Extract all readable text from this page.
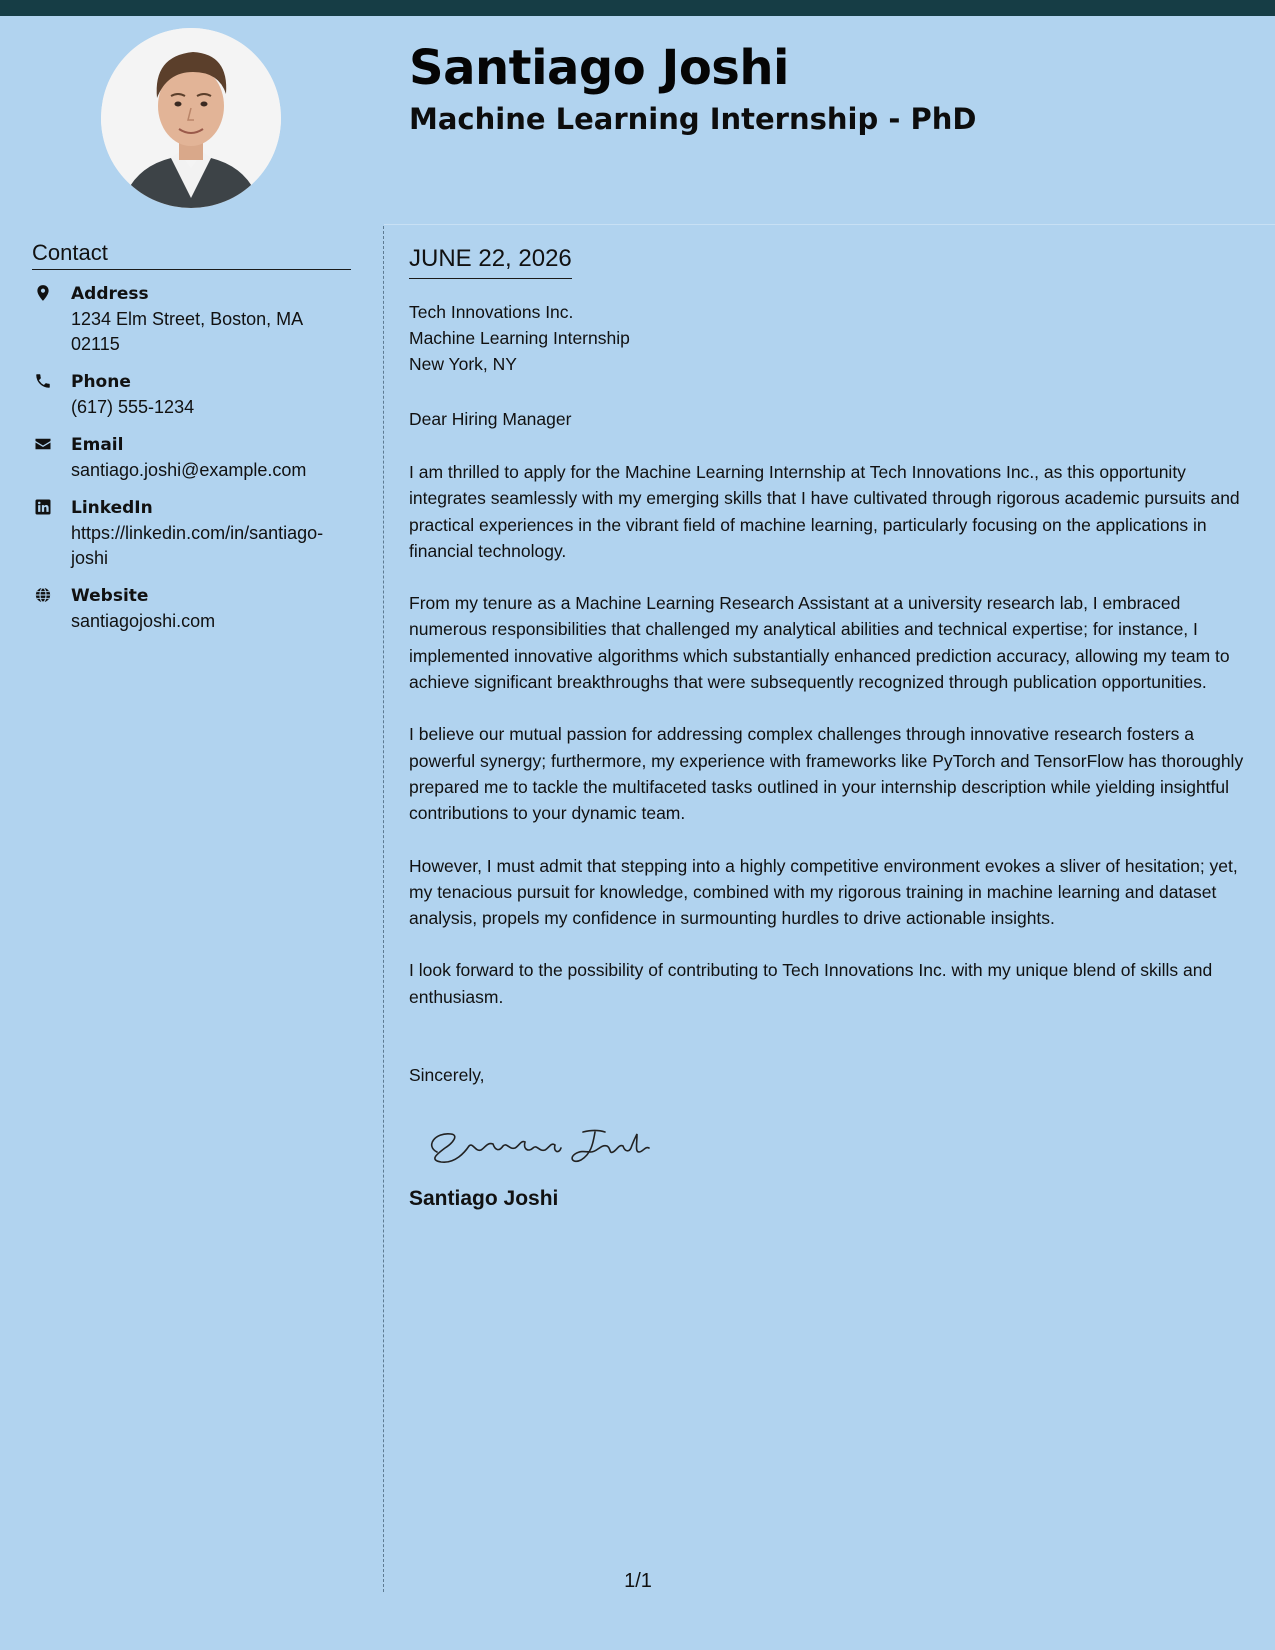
Santiago Joshi
Machine Learning Internship - PhD
Contact
Address
1234 Elm Street, Boston, MA 02115
Phone
(617) 555-1234
Email
santiago.joshi@example.com
LinkedIn
https://linkedin.com/in/santiago-joshi
Website
santiagojoshi.com
JUNE 22, 2026
Tech Innovations Inc.
Machine Learning Internship
New York, NY
Dear Hiring Manager

I am thrilled to apply for the Machine Learning Internship at Tech Innovations Inc., as this opportunity integrates seamlessly with my emerging skills that I have cultivated through rigorous academic pursuits and practical experiences in the vibrant field of machine learning, particularly focusing on the applications in financial technology.

From my tenure as a Machine Learning Research Assistant at a university research lab, I embraced numerous responsibilities that challenged my analytical abilities and technical expertise; for instance, I implemented innovative algorithms which substantially enhanced prediction accuracy, allowing my team to achieve significant breakthroughs that were subsequently recognized through publication opportunities.

I believe our mutual passion for addressing complex challenges through innovative research fosters a powerful synergy; furthermore, my experience with frameworks like PyTorch and TensorFlow has thoroughly prepared me to tackle the multifaceted tasks outlined in your internship description while yielding insightful contributions to your dynamic team.

However, I must admit that stepping into a highly competitive environment evokes a sliver of hesitation; yet, my tenacious pursuit for knowledge, combined with my rigorous training in machine learning and dataset analysis, propels my confidence in surmounting hurdles to drive actionable insights.

I look forward to the possibility of contributing to Tech Innovations Inc. with my unique blend of skills and enthusiasm.

Sincerely,
Santiago Joshi
1/1
